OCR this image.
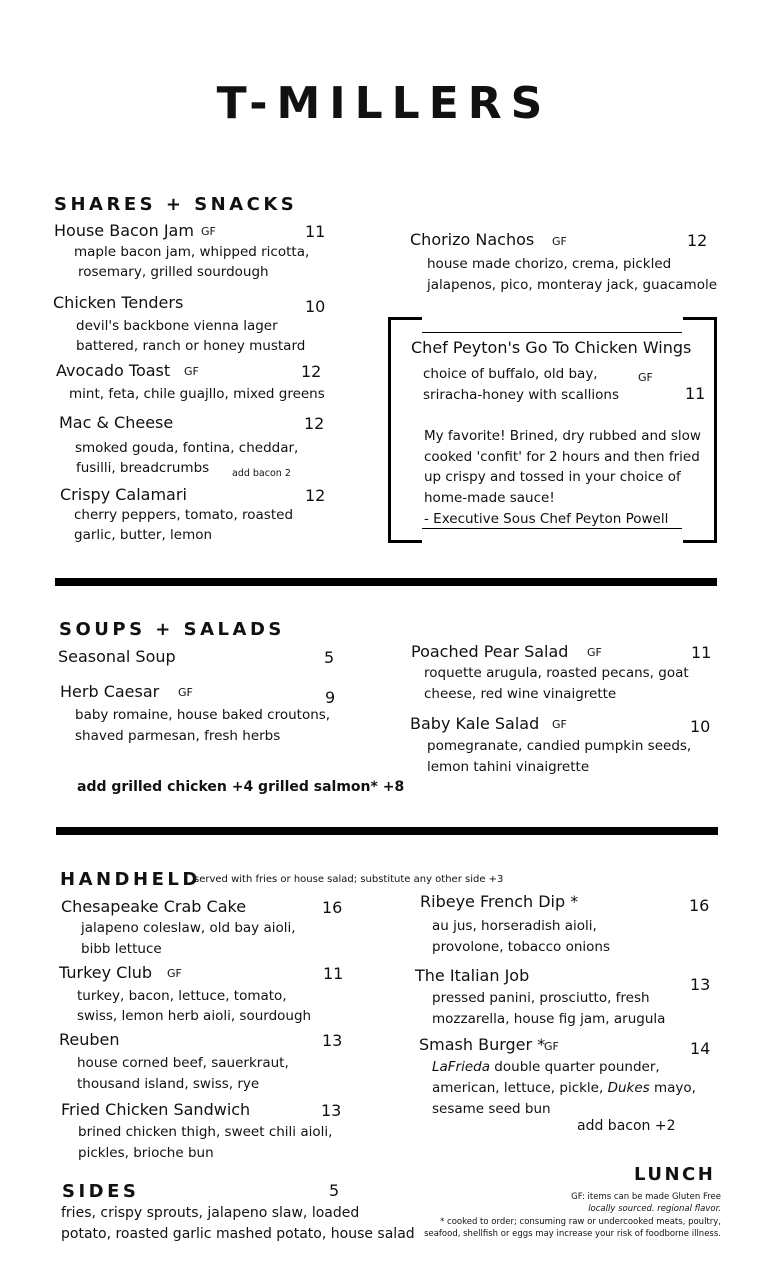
T-MILLERS
SHARES + SNACKS
House Bacon Jam GF	11
maple bacon jam, whipped ricotta,
rosemary, grilled sourdough
Chicken Tenders	10
devil's backbone vienna lager
battered, ranch or honey mustard
Avocado Toast GF	12
mint, feta, chile guajllo, mixed greens
Mac & Cheese	12
smoked gouda, fontina, cheddar,
fusilli, breadcrumbs add bacon 2
Crispy Calamari	12
cherry peppers, tomato, roasted
garlic, butter, lemon
Chorizo Nachos GF	12
house made chorizo, crema, pickled
jalapenos, pico, monteray jack, guacamole
Chef Peyton's Go To Chicken Wings
choice of buffalo, old bay,
sriracha-honey with scallions
GF
11
My favorite! Brined, dry rubbed and slow
cooked 'confit' for 2 hours and then fried
up crispy and tossed in your choice of
home-made sauce!
- Executive Sous Chef Peyton Powell
SOUPS + SALADS
Seasonal Soup	5
Herb Caesar GF	9
baby romaine, house baked croutons,
shaved parmesan, fresh herbs
Poached Pear Salad GF	11
roquette arugula, roasted pecans, goat
cheese, red wine vinaigrette
Baby Kale Salad GF	10
pomegranate, candied pumpkin seeds,
lemon tahini vinaigrette
add grilled chicken +4 grilled salmon* +8
HANDHELD
served with fries or house salad; substitute any other side +3
Chesapeake Crab Cake	16
jalapeno coleslaw, old bay aioli,
bibb lettuce
Turkey Club GF	11
turkey, bacon, lettuce, tomato,
swiss, lemon herb aioli, sourdough
Reuben	13
house corned beef, sauerkraut,
thousand island, swiss, rye
Fried Chicken Sandwich	13
brined chicken thigh, sweet chili aioli,
pickles, brioche bun
Ribeye French Dip *	16
au jus, horseradish aioli,
provolone, tobacco onions
The Italian Job	13
pressed panini, prosciutto, fresh
mozzarella, house fig jam, arugula
Smash Burger *
GF	14
LaFrieda double quarter pounder,
american, lettuce, pickle, Dukes mayo,
sesame seed bun
add bacon +2
SIDES	5
fries, crispy sprouts, jalapeno slaw, loaded
potato, roasted garlic mashed potato, house salad
LUNCH
GF: items can be made Gluten Free
locally sourced. regional flavor.
* cooked to order; consuming raw or undercooked meats, poultry,
seafood, shellfish or eggs may increase your risk of foodborne illness.
